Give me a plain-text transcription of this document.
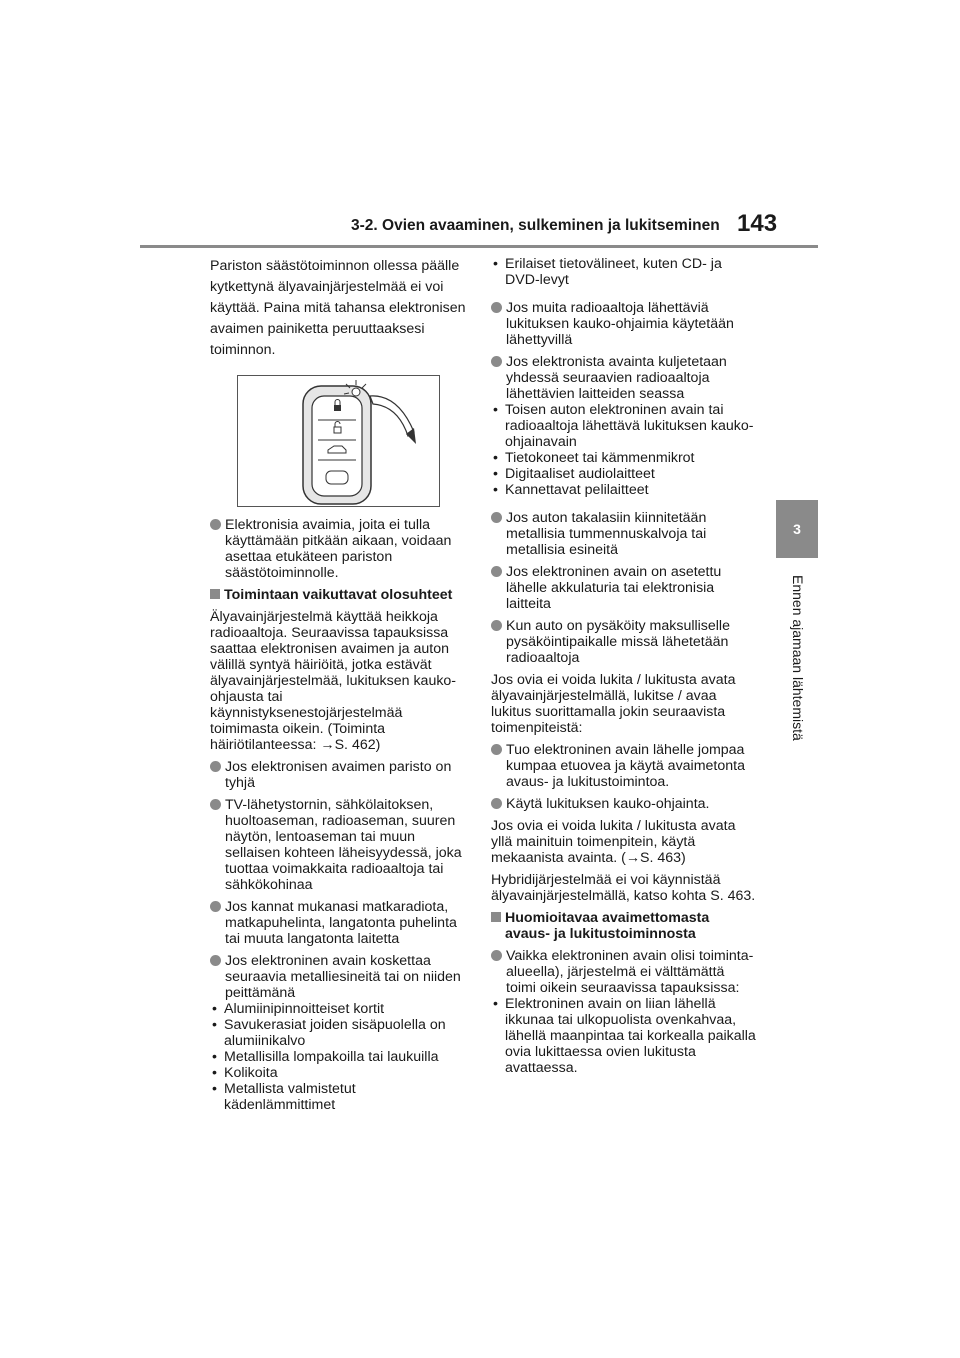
3-2. Ovien avaaminen, sulkeminen ja lukitseminen 143
3
Ennen ajamaan lähtemistä

Pariston säästötoiminnon ollessa päälle kytkettynä älyavainjärjestelmää ei voi käyttää. Paina mitä tahansa elektronisen avaimen painiketta peruuttaaksesi toiminnon.

Elektronisia avaimia, joita ei tulla käyttämään pitkään aikaan, voidaan asettaa etukäteen pariston säästötoiminnolle.
Toimintaan vaikuttavat olosuhteet

Älyavainjärjestelmä käyttää heikkoja radioaaltoja. Seuraavissa tapauksissa saattaa elektronisen avaimen ja auton välillä syntyä häiriöitä, jotka estävät älyavainjärjestelmää, lukituksen kauko-ohjausta tai käynnistyksenestojärjestelmää toimimasta oikein. (Toiminta häiriötilanteessa: →S. 462)

Jos elektronisen avaimen paristo on tyhjä
TV-lähetystornin, sähkölaitoksen, huoltoaseman, radioaseman, suuren näytön, lentoaseman tai muun sellaisen kohteen läheisyydessä, joka tuottaa voimakkaita radioaaltoja tai sähkökohinaa
Jos kannat mukanasi matkaradiota, matkapuhelinta, langatonta puhelinta tai muuta langatonta laitetta
Jos elektroninen avain koskettaa seuraavia metalliesineitä tai on niiden peittämänä
• Alumiinipinnoitteiset kortit
• Savukerasiat joiden sisäpuolella on alumiinikalvo
• Metallisilla lompakoilla tai laukuilla
• Kolikoita
• Metallista valmistetut kädenlämmittimet
• Erilaiset tietovälineet, kuten CD- ja DVD-levyt
Jos muita radioaaltoja lähettäviä lukituksen kauko-ohjaimia käytetään lähettyvillä
Jos elektronista avainta kuljetetaan yhdessä seuraavien radioaaltoja lähettävien laitteiden seassa
• Toisen auton elektroninen avain tai radioaaltoja lähettävä lukituksen kauko-ohjainavain
• Tietokoneet tai kämmenmikrot
• Digitaaliset audiolaitteet
• Kannettavat pelilaitteet
Jos auton takalasiin kiinnitetään metallisia tummennuskalvoja tai metallisia esineitä
Jos elektroninen avain on asetettu lähelle akkulaturia tai elektronisia laitteita
Kun auto on pysäköity maksulliselle pysäköintipaikalle missä lähetetään radioaaltoja

Jos ovia ei voida lukita / lukitusta avata älyavainjärjestelmällä, lukitse / avaa lukitus suorittamalla jokin seuraavista toimenpiteistä:

Tuo elektroninen avain lähelle jompaa kumpaa etuovea ja käytä avaimetonta avaus- ja lukitustoimintoa.
Käytä lukituksen kauko-ohjainta.

Jos ovia ei voida lukita / lukitusta avata yllä mainituin toimenpitein, käytä mekaanista avainta. (→S. 463)

Hybridijärjestelmää ei voi käynnistää älyavainjärjestelmällä, katso kohta S. 463.

Huomioitavaa avaimettomasta avaus- ja lukitustoiminnosta
Vaikka elektroninen avain olisi toiminta-alueella), järjestelmä ei välttämättä toimi oikein seuraavissa tapauksissa:
• Elektroninen avain on liian lähellä ikkunaa tai ulkopuolista ovenkahvaa, lähellä maanpintaa tai korkealla paikalla ovia lukittaessa ovien lukitusta avattaessa.
